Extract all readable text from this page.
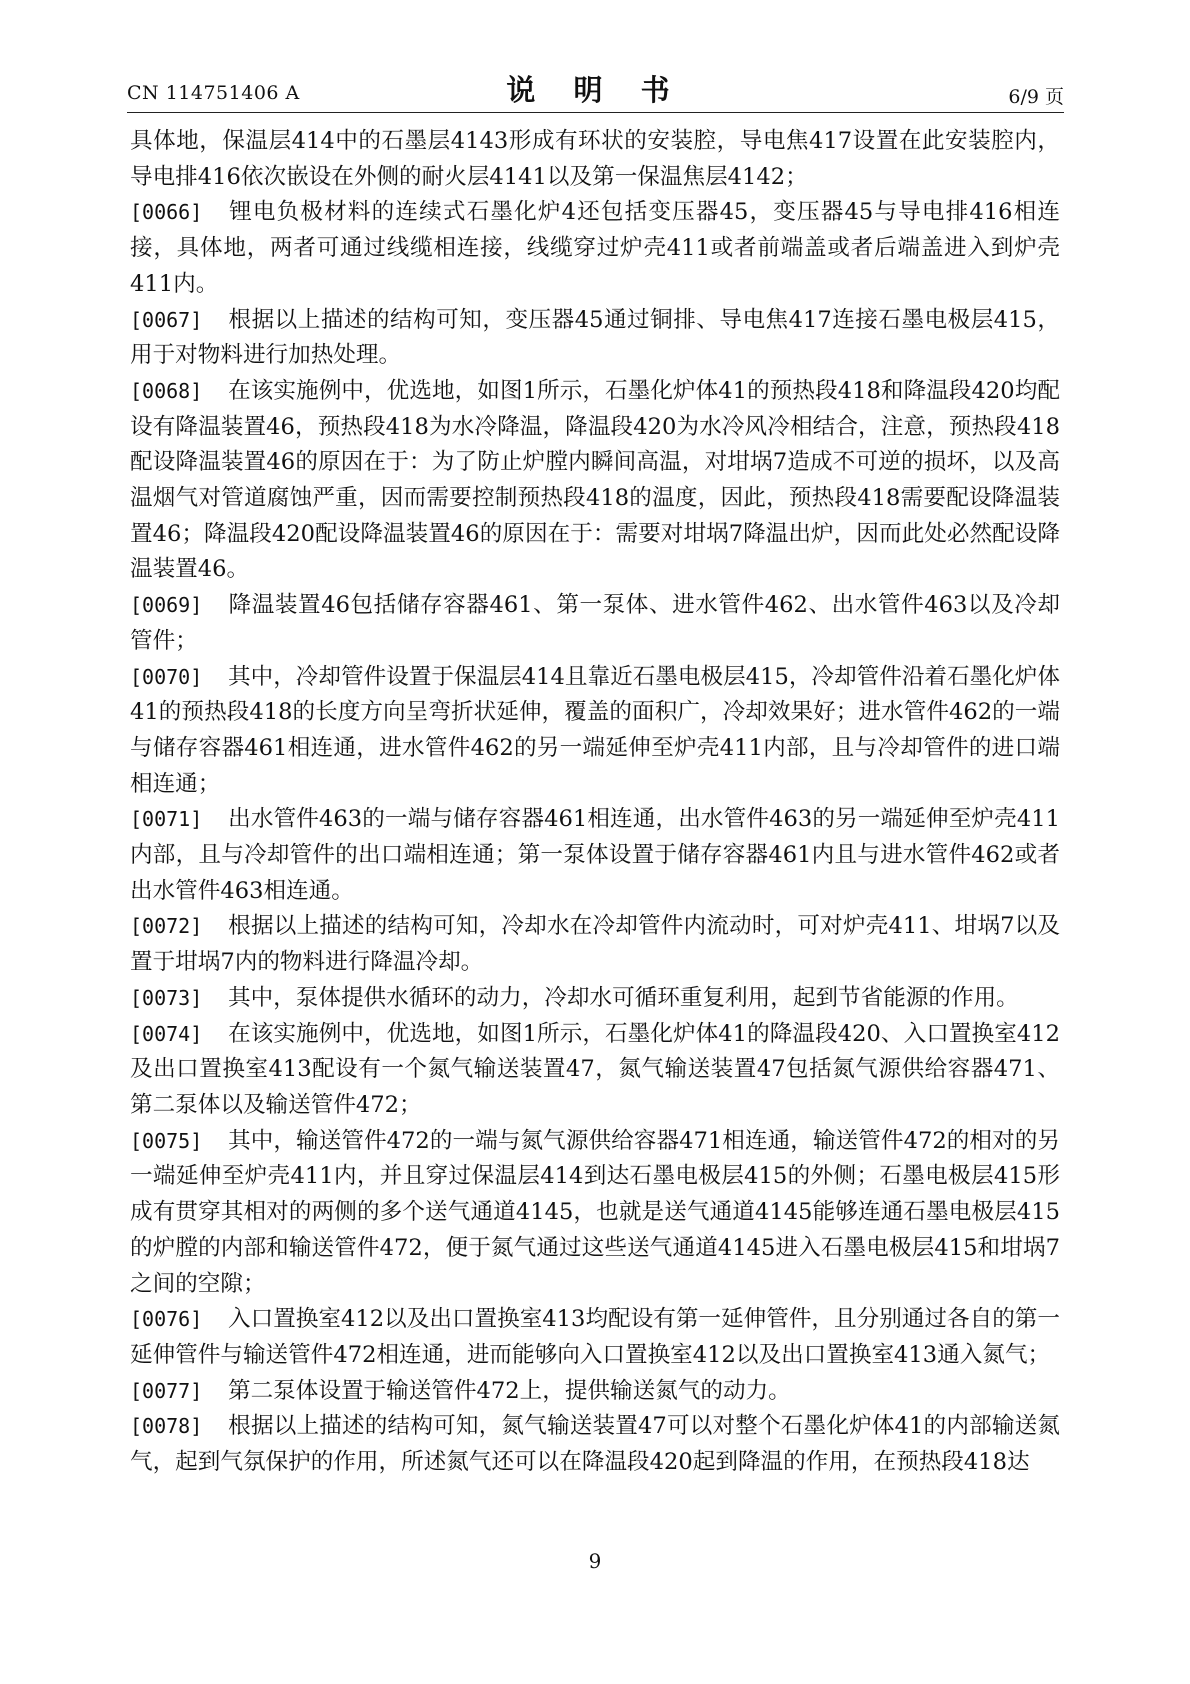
CN 114751406 A	说 明 书	6/9 页

具体地，保温层414中的石墨层4143形成有环状的安装腔，导电焦417设置在此安装腔内，导电排416依次嵌设在外侧的耐火层4141以及第一保温焦层4142；

[0066] 锂电负极材料的连续式石墨化炉4还包括变压器45，变压器45与导电排416相连接，具体地，两者可通过线缆相连接，线缆穿过炉壳411或者前端盖或者后端盖进入到炉壳411内。

[0067] 根据以上描述的结构可知，变压器45通过铜排、导电焦417连接石墨电极层415，用于对物料进行加热处理。

[0068] 在该实施例中，优选地，如图1所示，石墨化炉体41的预热段418和降温段420均配设有降温装置46，预热段418为水冷降温，降温段420为水冷风冷相结合，注意，预热段418配设降温装置46的原因在于：为了防止炉膛内瞬间高温，对坩埚7造成不可逆的损坏，以及高温烟气对管道腐蚀严重，因而需要控制预热段418的温度，因此，预热段418需要配设降温装置46；降温段420配设降温装置46的原因在于：需要对坩埚7降温出炉，因而此处必然配设降温装置46。

[0069] 降温装置46包括储存容器461、第一泵体、进水管件462、出水管件463以及冷却管件；

[0070] 其中，冷却管件设置于保温层414且靠近石墨电极层415，冷却管件沿着石墨化炉体41的预热段418的长度方向呈弯折状延伸，覆盖的面积广，冷却效果好；进水管件462的一端与储存容器461相连通，进水管件462的另一端延伸至炉壳411内部，且与冷却管件的进口端相连通；

[0071] 出水管件463的一端与储存容器461相连通，出水管件463的另一端延伸至炉壳411内部，且与冷却管件的出口端相连通；第一泵体设置于储存容器461内且与进水管件462或者出水管件463相连通。

[0072] 根据以上描述的结构可知，冷却水在冷却管件内流动时，可对炉壳411、坩埚7以及置于坩埚7内的物料进行降温冷却。

[0073] 其中，泵体提供水循环的动力，冷却水可循环重复利用，起到节省能源的作用。

[0074] 在该实施例中，优选地，如图1所示，石墨化炉体41的降温段420、入口置换室412及出口置换室413配设有一个氮气输送装置47，氮气输送装置47包括氮气源供给容器471、第二泵体以及输送管件472；

[0075] 其中，输送管件472的一端与氮气源供给容器471相连通，输送管件472的相对的另一端延伸至炉壳411内，并且穿过保温层414到达石墨电极层415的外侧；石墨电极层415形成有贯穿其相对的两侧的多个送气通道4145，也就是送气通道4145能够连通石墨电极层415的炉膛的内部和输送管件472，便于氮气通过这些送气通道4145进入石墨电极层415和坩埚7之间的空隙；

[0076] 入口置换室412以及出口置换室413均配设有第一延伸管件，且分别通过各自的第一延伸管件与输送管件472相连通，进而能够向入口置换室412以及出口置换室413通入氮气；

[0077] 第二泵体设置于输送管件472上，提供输送氮气的动力。

[0078] 根据以上描述的结构可知，氮气输送装置47可以对整个石墨化炉体41的内部输送氮气，起到气氛保护的作用，所述氮气还可以在降温段420起到降温的作用，在预热段418达

9
